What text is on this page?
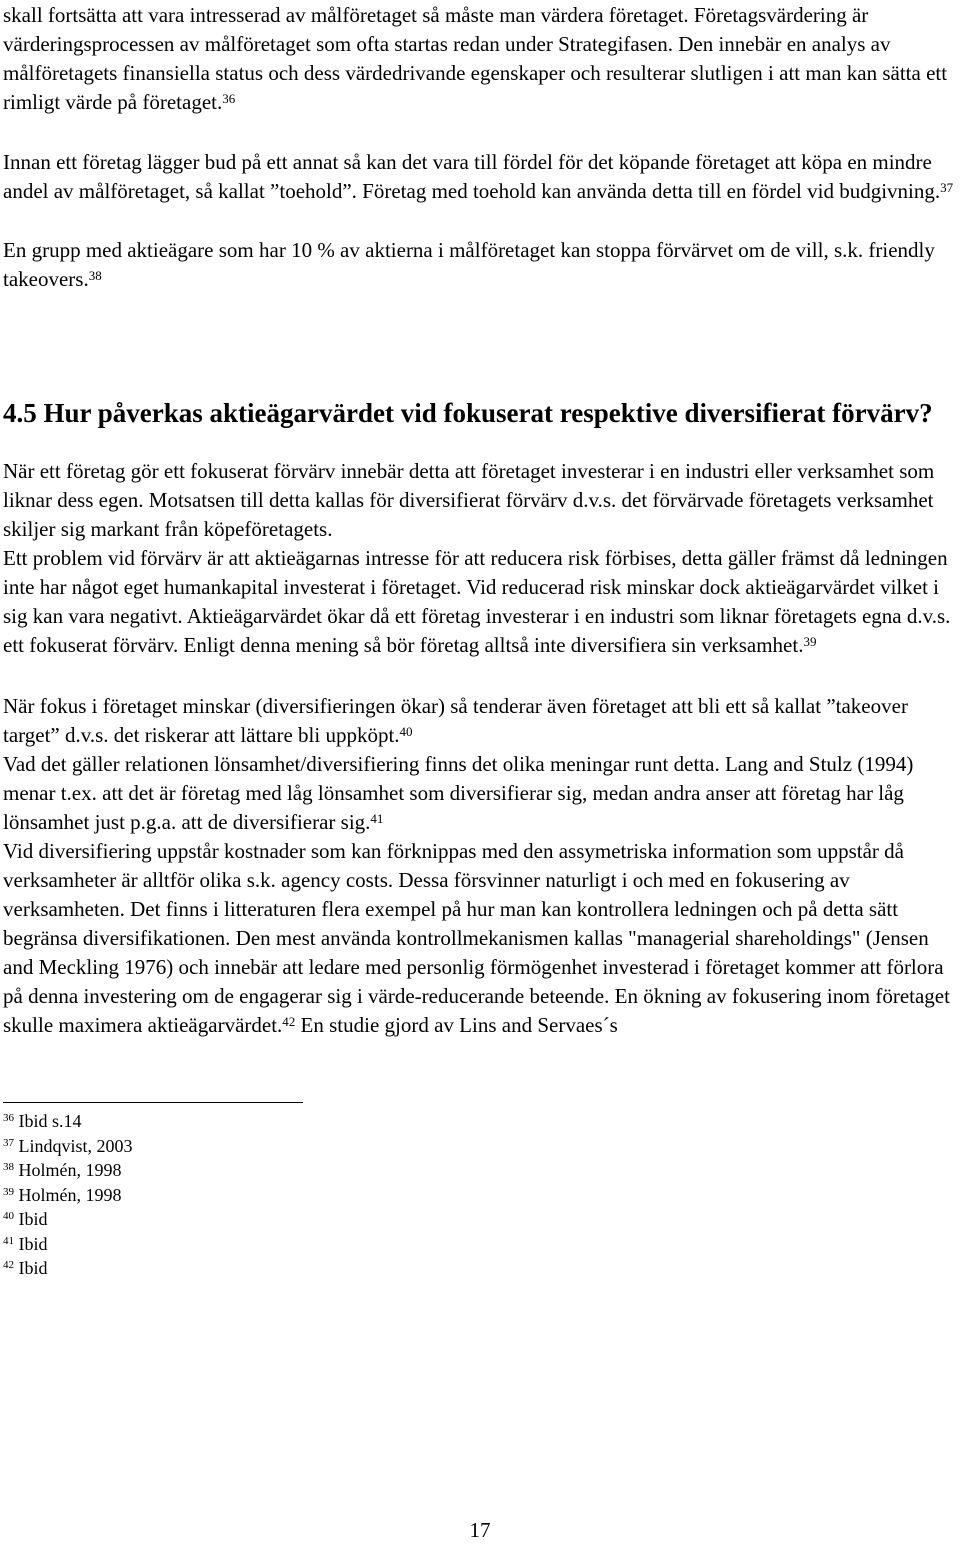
skall fortsätta att vara intresserad av målföretaget så måste man värdera företaget. Företagsvärdering är värderingsprocessen av målföretaget som ofta startas redan under Strategifasen. Den innebär en analys av målföretagets finansiella status och dess värdedrivande egenskaper och resulterar slutligen i att man kan sätta ett rimligt värde på företaget.$^{36}$

Innan ett företag lägger bud på ett annat så kan det vara till fördel för det köpande företaget att köpa en mindre andel av målföretaget, så kallat ”toehold”. Företag med toehold kan använda detta till en fördel vid budgivning.$^{37}$

En grupp med aktieägare som har 10 % av aktierna i målföretaget kan stoppa förvärvet om de vill, s.k. friendly takeovers.$^{38}$

4.5 Hur påverkas aktieägarvärdet vid fokuserat respektive diversifierat förvärv?

När ett företag gör ett fokuserat förvärv innebär detta att företaget investerar i en industri eller verksamhet som liknar dess egen. Motsatsen till detta kallas för diversifierat förvärv d.v.s. det förvärvade företagets verksamhet skiljer sig markant från köpeföretagets.

Ett problem vid förvärv är att aktieägarnas intresse för att reducera risk förbises, detta gäller främst då ledningen inte har något eget humankapital investerat i företaget. Vid reducerad risk minskar dock aktieägarvärdet vilket i sig kan vara negativt. Aktieägarvärdet ökar då ett företag investerar i en industri som liknar företagets egna d.v.s. ett fokuserat förvärv. Enligt denna mening så bör företag alltså inte diversifiera sin verksamhet.$^{39}$

När fokus i företaget minskar (diversifieringen ökar) så tenderar även företaget att bli ett så kallat ”takeover target” d.v.s. det riskerar att lättare bli uppköpt.$^{40}$

Vad det gäller relationen lönsamhet/diversifiering finns det olika meningar runt detta. Lang and Stulz (1994) menar t.ex. att det är företag med låg lönsamhet som diversifierar sig, medan andra anser att företag har låg lönsamhet just p.g.a. att de diversifierar sig.$^{41}$

Vid diversifiering uppstår kostnader som kan förknippas med den assymetriska information som uppstår då verksamheter är alltför olika s.k. agency costs. Dessa försvinner naturligt i och med en fokusering av verksamheten. Det finns i litteraturen flera exempel på hur man kan kontrollera ledningen och på detta sätt begränsa diversifikationen. Den mest använda kontrollmekanismen kallas "managerial shareholdings" (Jensen and Meckling 1976) och innebär att ledare med personlig förmögenhet investerad i företaget kommer att förlora på denna investering om de engagerar sig i värde-reducerande beteende. En ökning av fokusering inom företaget skulle maximera aktieägarvärdet.$^{42}$ En studie gjord av Lins and Servaes´s

$^{36}$ Ibid s.14

$^{37}$ Lindqvist, 2003

$^{38}$ Holmén, 1998

$^{39}$ Holmén, 1998

$^{40}$ Ibid

$^{41}$ Ibid

$^{42}$ Ibid

17
